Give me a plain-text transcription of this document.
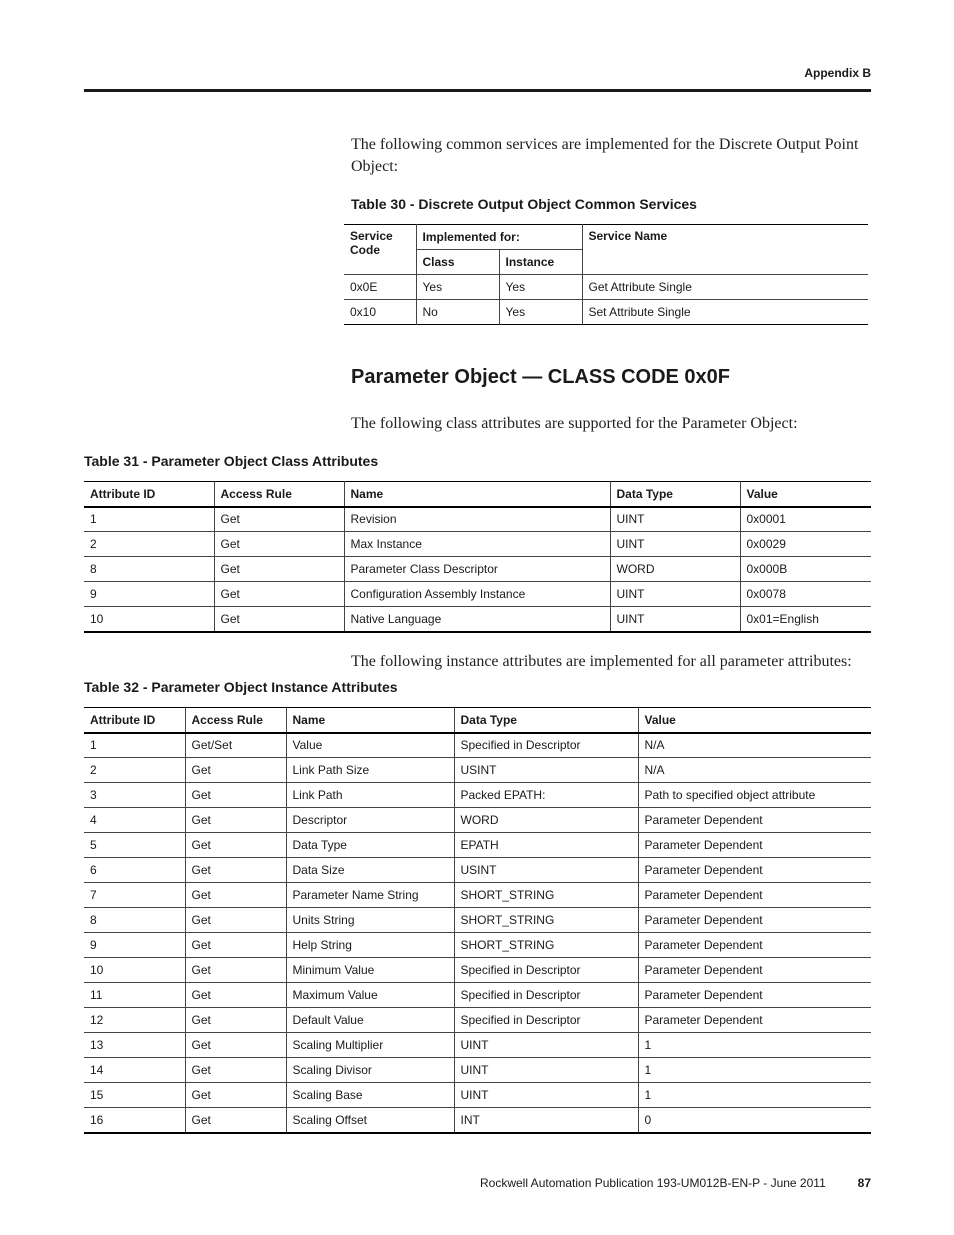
Appendix B
The following common services are implemented for the Discrete Output Point Object:
Table 30 - Discrete Output Object Common Services
Service Code	Implemented for:		Service Name
	Class	Instance	
0x0E	Yes	Yes	Get Attribute Single
0x10	No	Yes	Set Attribute Single
Parameter Object — CLASS CODE 0x0F
The following class attributes are supported for the Parameter Object:
Table 31 - Parameter Object Class Attributes
Attribute ID	Access Rule	Name	Data Type	Value
1	Get	Revision	UINT	0x0001
2	Get	Max Instance	UINT	0x0029
8	Get	Parameter Class Descriptor	WORD	0x000B
9	Get	Configuration Assembly Instance	UINT	0x0078
10	Get	Native Language	UINT	0x01=English
The following instance attributes are implemented for all parameter attributes:
Table 32 - Parameter Object Instance Attributes
Attribute ID	Access Rule	Name	Data Type	Value
1	Get/Set	Value	Specified in Descriptor	N/A
2	Get	Link Path Size	USINT	N/A
3	Get	Link Path	Packed EPATH:	Path to specified object attribute
4	Get	Descriptor	WORD	Parameter Dependent
5	Get	Data Type	EPATH	Parameter Dependent
6	Get	Data Size	USINT	Parameter Dependent
7	Get	Parameter Name String	SHORT_STRING	Parameter Dependent
8	Get	Units String	SHORT_STRING	Parameter Dependent
9	Get	Help String	SHORT_STRING	Parameter Dependent
10	Get	Minimum Value	Specified in Descriptor	Parameter Dependent
11	Get	Maximum Value	Specified in Descriptor	Parameter Dependent
12	Get	Default Value	Specified in Descriptor	Parameter Dependent
13	Get	Scaling Multiplier	UINT	1
14	Get	Scaling Divisor	UINT	1
15	Get	Scaling Base	UINT	1
16	Get	Scaling Offset	INT	0
Rockwell Automation Publication 193-UM012B-EN-P - June 2011	87
